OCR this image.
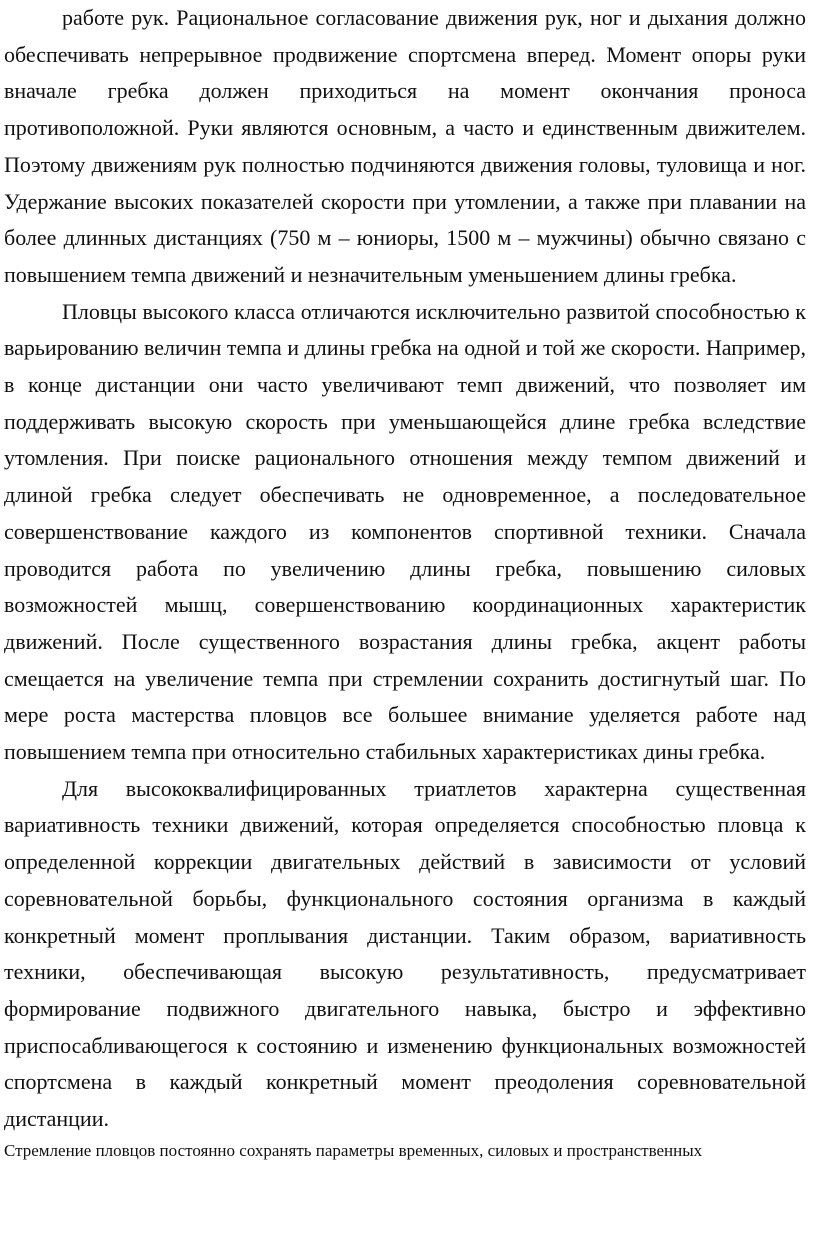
работе рук. Рациональное согласование движения рук, ног и дыхания должно обеспечивать непрерывное продвижение спортсмена вперед. Момент опоры руки вначале гребка должен приходиться на момент окончания проноса противоположной. Руки являются основным, а часто и единственным движителем. Поэтому движениям рук полностью подчиняются движения головы, туловища и ног. Удержание высоких показателей скорости при утомлении, а также при плавании на более длинных дистанциях (750 м – юниоры, 1500 м – мужчины) обычно связано с повышением темпа движений и незначительным уменьшением длины гребка.

Пловцы высокого класса отличаются исключительно развитой способностью к варьированию величин темпа и длины гребка на одной и той же скорости. Например, в конце дистанции они часто увеличивают темп движений, что позволяет им поддерживать высокую скорость при уменьшающейся длине гребка вследствие утомления. При поиске рационального отношения между темпом движений и длиной гребка следует обеспечивать не одновременное, а последовательное совершенствование каждого из компонентов спортивной техники. Сначала проводится работа по увеличению длины гребка, повышению силовых возможностей мышц, совершенствованию координационных характеристик движений. После существенного возрастания длины гребка, акцент работы смещается на увеличение темпа при стремлении сохранить достигнутый шаг. По мере роста мастерства пловцов все большее внимание уделяется работе над повышением темпа при относительно стабильных характеристиках дины гребка.

Для высококвалифицированных триатлетов характерна существенная вариативность техники движений, которая определяется способностью пловца к определенной коррекции двигательных действий в зависимости от условий соревновательной борьбы, функционального состояния организма в каждый конкретный момент проплывания дистанции. Таким образом, вариативность техники, обеспечивающая высокую результативность, предусматривает формирование подвижного двигательного навыка, быстро и эффективно приспосабливающегося к состоянию и изменению функциональных возможностей спортсмена в каждый конкретный момент преодоления соревновательной дистанции.

Стремление пловцов постоянно сохранять параметры временных, силовых и пространственных
